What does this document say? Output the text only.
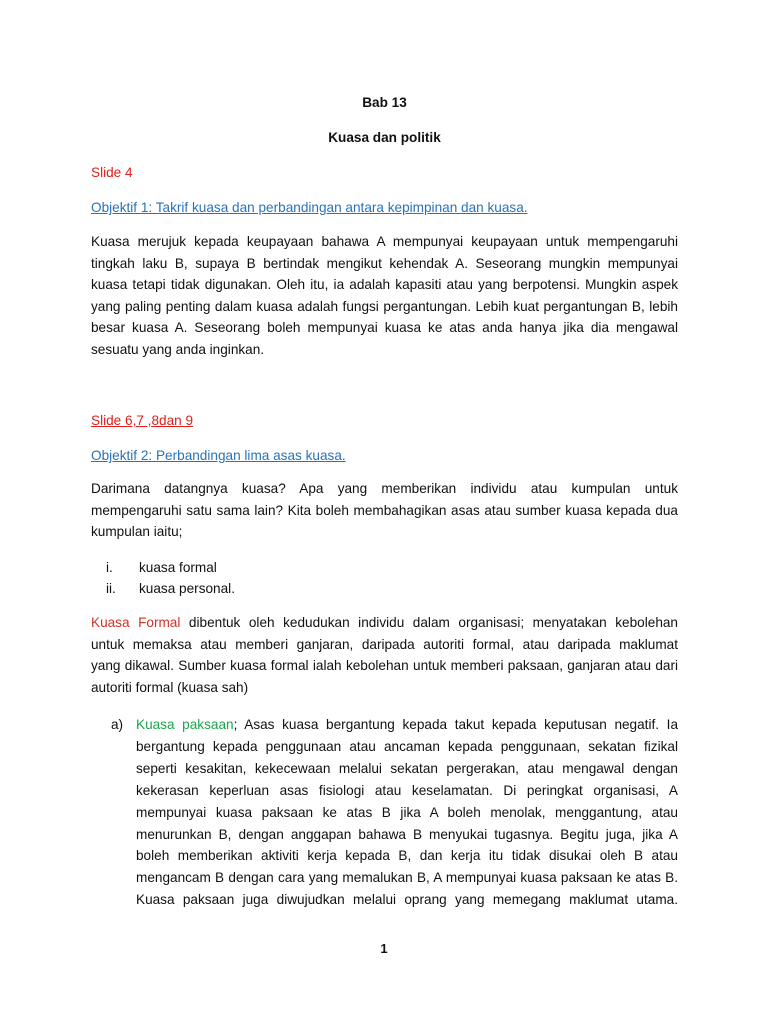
Bab 13
Kuasa dan politik
Slide 4
Objektif 1: Takrif kuasa dan perbandingan antara kepimpinan dan kuasa.
Kuasa merujuk kepada keupayaan bahawa A mempunyai keupayaan untuk mempengaruhi
tingkah laku B, supaya B bertindak mengikut kehendak A. Seseorang mungkin mempunyai
kuasa tetapi tidak digunakan. Oleh itu, ia adalah kapasiti atau yang berpotensi. Mungkin aspek
yang paling penting dalam kuasa adalah fungsi pergantungan. Lebih kuat pergantungan B, lebih
besar kuasa A. Seseorang boleh mempunyai kuasa ke atas anda hanya jika dia mengawal
sesuatu yang anda inginkan.
Slide 6,7 ,8dan 9
Objektif 2: Perbandingan lima asas kuasa.
Darimana datangnya kuasa? Apa yang memberikan individu atau kumpulan untuk
mempengaruhi satu sama lain? Kita boleh membahagikan asas atau sumber kuasa kepada dua
kumpulan iaitu;
i.	kuasa formal
ii.	kuasa personal.
Kuasa Formal dibentuk oleh kedudukan individu dalam organisasi; menyatakan kebolehan
untuk memaksa atau memberi ganjaran, daripada autoriti formal, atau daripada maklumat
yang dikawal. Sumber kuasa formal ialah kebolehan untuk memberi paksaan, ganjaran atau dari
autoriti formal (kuasa sah)
a) Kuasa paksaan; Asas kuasa bergantung kepada takut kepada keputusan negatif. Ia
bergantung kepada penggunaan atau ancaman kepada penggunaan, sekatan fizikal
seperti kesakitan, kekecewaan melalui sekatan pergerakan, atau mengawal dengan
kekerasan keperluan asas fisiologi atau keselamatan. Di peringkat organisasi, A
mempunyai kuasa paksaan ke atas B jika A boleh menolak, menggantung, atau
menurunkan B, dengan anggapan bahawa B menyukai tugasnya. Begitu juga, jika A
boleh memberikan aktiviti kerja kepada B, dan kerja itu tidak disukai oleh B atau
mengancam B dengan cara yang memalukan B, A mempunyai kuasa paksaan ke atas B.
Kuasa paksaan juga diwujudkan melalui oprang yang memegang maklumat utama.
1
